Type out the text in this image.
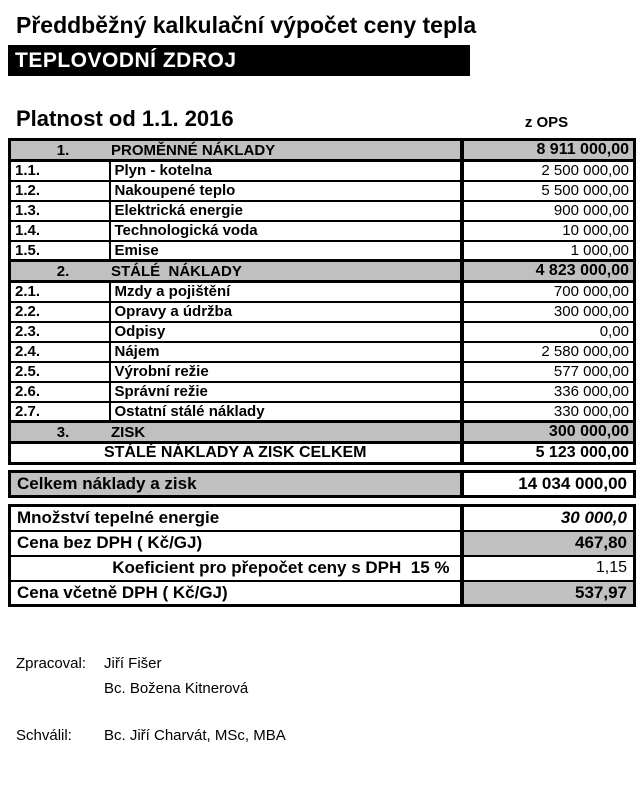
Předdběžný kalkulační výpočet ceny tepla
TEPLOVODNÍ ZDROJ
Platnost od 1.1. 2016	z OPS
1. PROMĚNNÉ NÁKLADY		8 911 000,00
1.1.	Plyn - kotelna	2 500 000,00
1.2.	Nakoupené teplo	5 500 000,00
1.3.	Elektrická energie	900 000,00
1.4.	Technologická voda	10 000,00
1.5.	Emise	1 000,00
2. STÁLÉ  NÁKLADY		4 823 000,00
2.1.	Mzdy a pojištění	700 000,00
2.2.	Opravy a údržba	300 000,00
2.3.	Odpisy	0,00
2.4.	Nájem	2 580 000,00
2.5.	Výrobní režie	577 000,00
2.6.	Správní režie	336 000,00
2.7.	Ostatní stálé náklady	330 000,00
3. ZISK		300 000,00
STÁLÉ NÁKLADY A ZISK CELKEM		5 123 000,00
Celkem náklady a zisk	14 034 000,00
Množství tepelné energie	30 000,0
Cena bez DPH ( Kč/GJ)	467,80
Koeficient pro přepočet ceny s DPH  15 %	1,15
Cena včetně DPH ( Kč/GJ)	537,97
Zpracoval:	Jiří Fišer
Bc. Božena Kitnerová
Schválil:	Bc. Jiří Charvát, MSc, MBA
